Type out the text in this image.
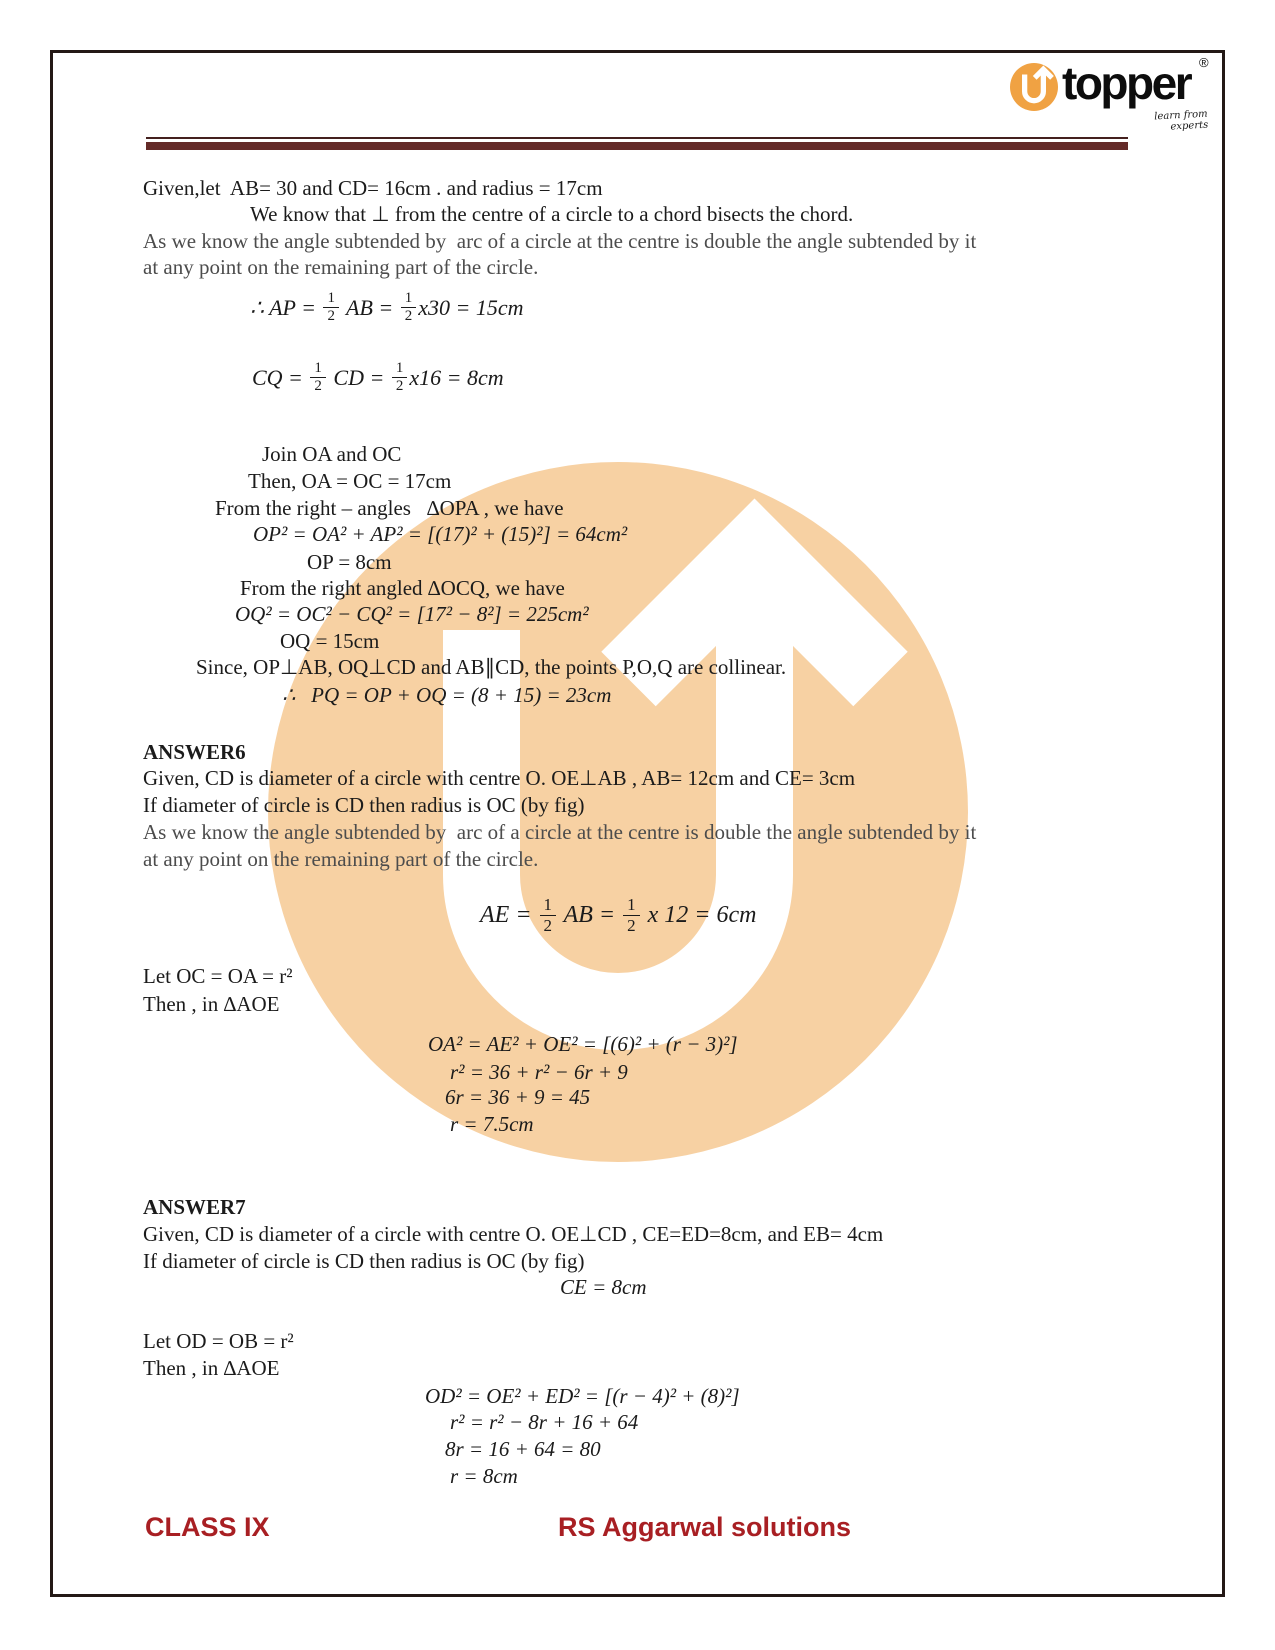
topper ®
learn from experts
Given,let  AB= 30 and CD= 16cm . and radius = 17cm
We know that ⊥ from the centre of a circle to a chord bisects the chord.
As we know the angle subtended by  arc of a circle at the centre is double the angle subtended by it
at any point on the remaining part of the circle.
∴ AP = $\frac{1}{2}$ AB = $\frac{1}{2} x30 = 15cm$
CQ = $\frac{1}{2}$ CD = $\frac{1}{2} x16 = 8cm$
Join OA and OC
Then, OA = OC = 17cm
From the right – angles   ∆OPA , we have
OP² = OA² + AP² = [(17)² + (15)²] = 64cm²
OP = 8cm
From the right angled ∆OCQ, we have
OQ² = OC² − CQ² = [17² − 8²] = 225cm²
OQ = 15cm
Since, OP⊥AB, OQ⊥CD and AB∥CD, the points P,O,Q are collinear.
∴   PQ = OP + OQ = (8 + 15) = 23cm
ANSWER6
Given, CD is diameter of a circle with centre O. OE⊥AB , AB= 12cm and CE= 3cm
If diameter of circle is CD then radius is OC (by fig)
As we know the angle subtended by  arc of a circle at the centre is double the angle subtended by it
at any point on the remaining part of the circle.
AE = $\frac{1}{2}$ AB = $\frac{1}{2}$ x 12 = 6cm
Let OC = OA = r²
Then , in ∆AOE
OA² = AE² + OE² = [(6)² + (r − 3)²]
r² = 36 + r² − 6r + 9
6r = 36 + 9 = 45
r = 7.5cm
ANSWER7
Given, CD is diameter of a circle with centre O. OE⊥CD , CE=ED=8cm, and EB= 4cm
If diameter of circle is CD then radius is OC (by fig)
CE = 8cm
Let OD = OB = r²
Then , in ∆AOE
OD² = OE² + ED² = [(r − 4)² + (8)²]
r² = r² − 8r + 16 + 64
8r = 16 + 64 = 80
r = 8cm
CLASS IX	RS Aggarwal solutions
